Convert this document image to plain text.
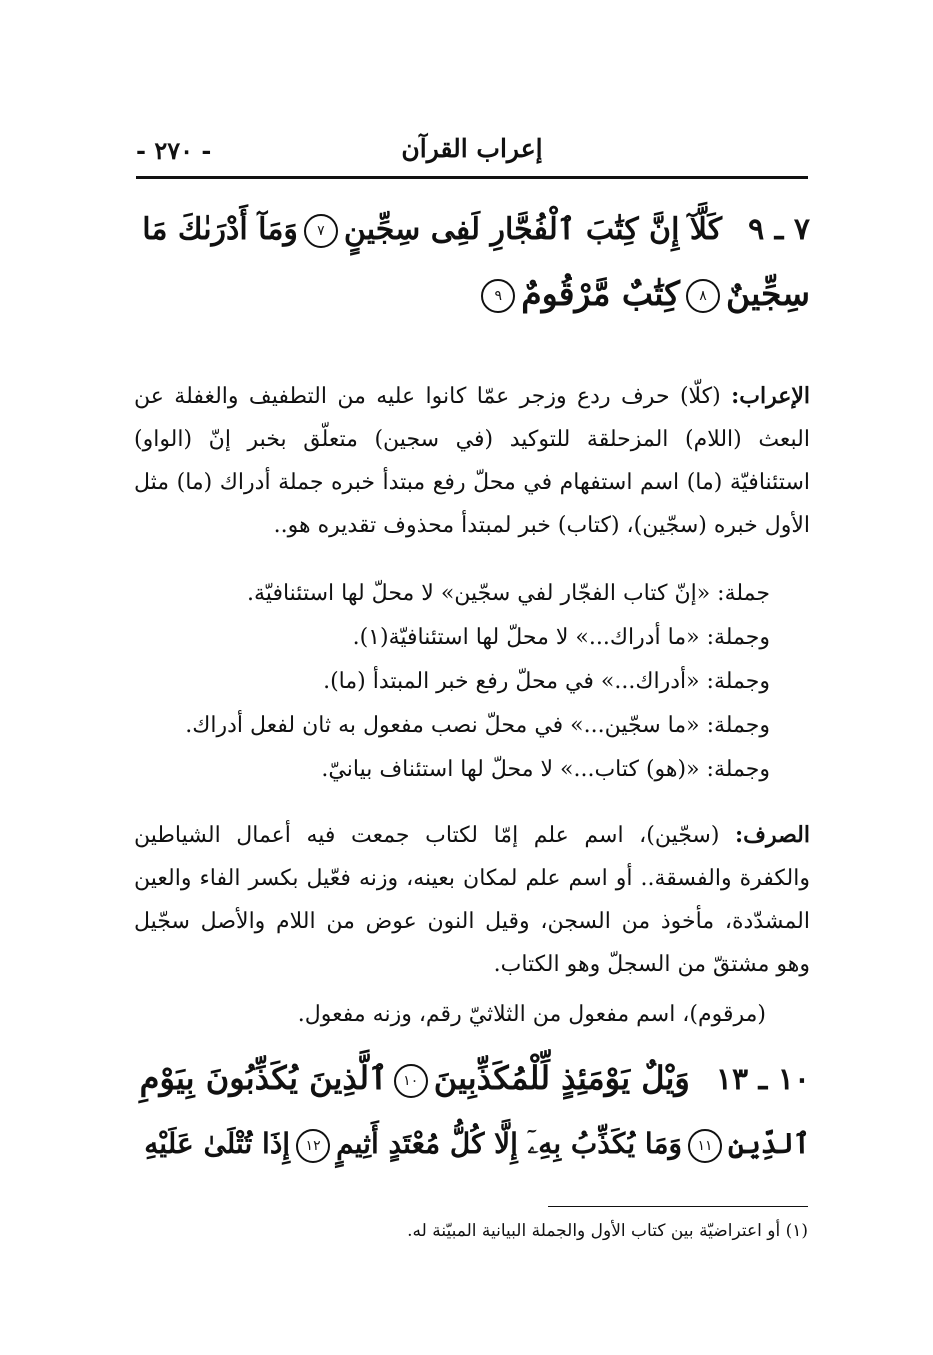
- ٢٧٠ -	إعراب القرآن
٧ ـ ٩كَلَّآ إِنَّ كِتَٰبَ ٱلْفُجَّارِ لَفِى سِجِّينٍ٧وَمَآ أَدْرَىٰكَ مَا
سِجِّينٌ٨كِتَٰبٌ مَّرْقُومٌ٩
الإعراب: (كلّا) حرف ردع وزجر عمّا كانوا عليه من التطفيف والغفلة عن البعث (اللام) المزحلقة للتوكيد (في سجين) متعلّق بخبر إنّ (الواو) استئنافيّة (ما) اسم استفهام في محلّ رفع مبتدأ خبره جملة أدراك (ما) مثل الأول خبره (سجّين)، (كتاب) خبر لمبتدأ محذوف تقديره هو..
جملة: «إنّ كتاب الفجّار لفي سجّين» لا محلّ لها استئنافيّة.
وجملة: «ما أدراك...» لا محلّ لها استئنافيّة(١).
وجملة: «أدراك...» في محلّ رفع خبر المبتدأ (ما).
وجملة: «ما سجّين...» في محلّ نصب مفعول به ثان لفعل أدراك.
وجملة: «(هو) كتاب...» لا محلّ لها استئناف بيانيّ.
الصرف: (سجّين)، اسم علم إمّا لكتاب جمعت فيه أعمال الشياطين والكفرة والفسقة.. أو اسم علم لمكان بعينه، وزنه فعّيل بكسر الفاء والعين المشدّدة، مأخوذ من السجن، وقيل النون عوض من اللام والأصل سجّيل وهو مشتقّ من السجلّ وهو الكتاب.
(مرقوم)، اسم مفعول من الثلاثيّ رقم، وزنه مفعول.
١٠ ـ ١٣وَيْلٌ يَوْمَئِذٍ لِّلْمُكَذِّبِينَ١٠ٱلَّذِينَ يُكَذِّبُونَ بِيَوْمِ
ٱلدِّينِ١١وَمَا يُكَذِّبُ بِهِۦٓ إِلَّا كُلُّ مُعْتَدٍ أَثِيمٍ١٢إِذَا تُتْلَىٰ عَلَيْهِ
(١) أو اعتراضيّة بين كتاب الأول والجملة البيانية المبيّنة له.
